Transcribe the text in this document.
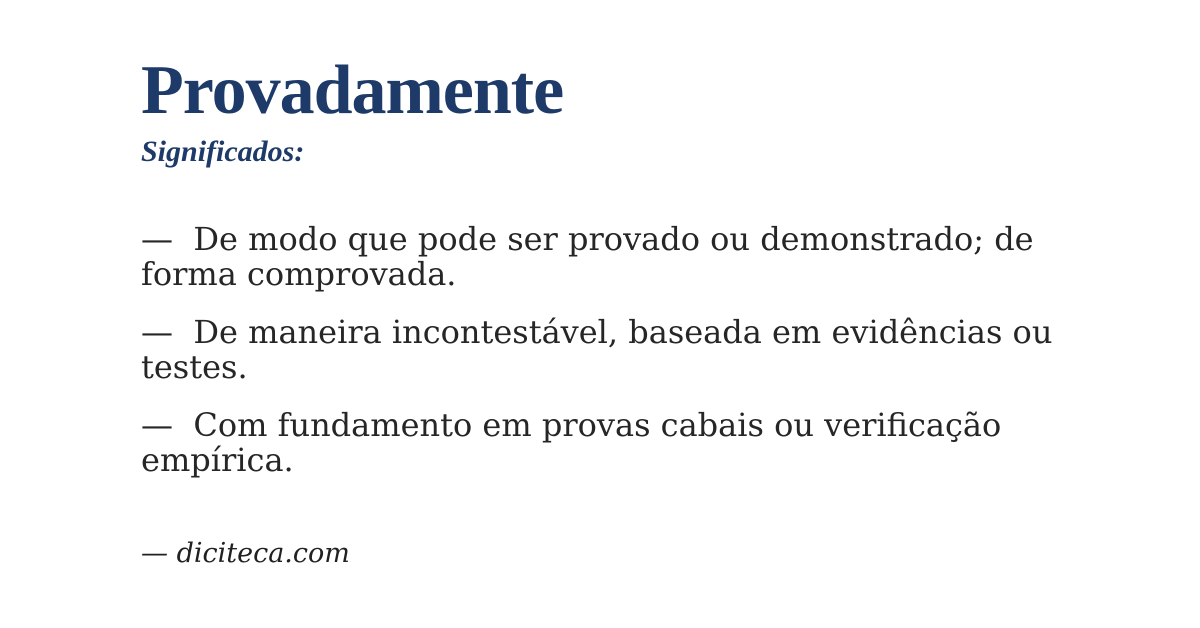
Provadamente
Significados:

—  De modo que pode ser provado ou demonstrado; de
forma comprovada.

—  De maneira incontestável, baseada em evidências ou
testes.

—  Com fundamento em provas cabais ou verificação
empírica.

— diciteca.com
